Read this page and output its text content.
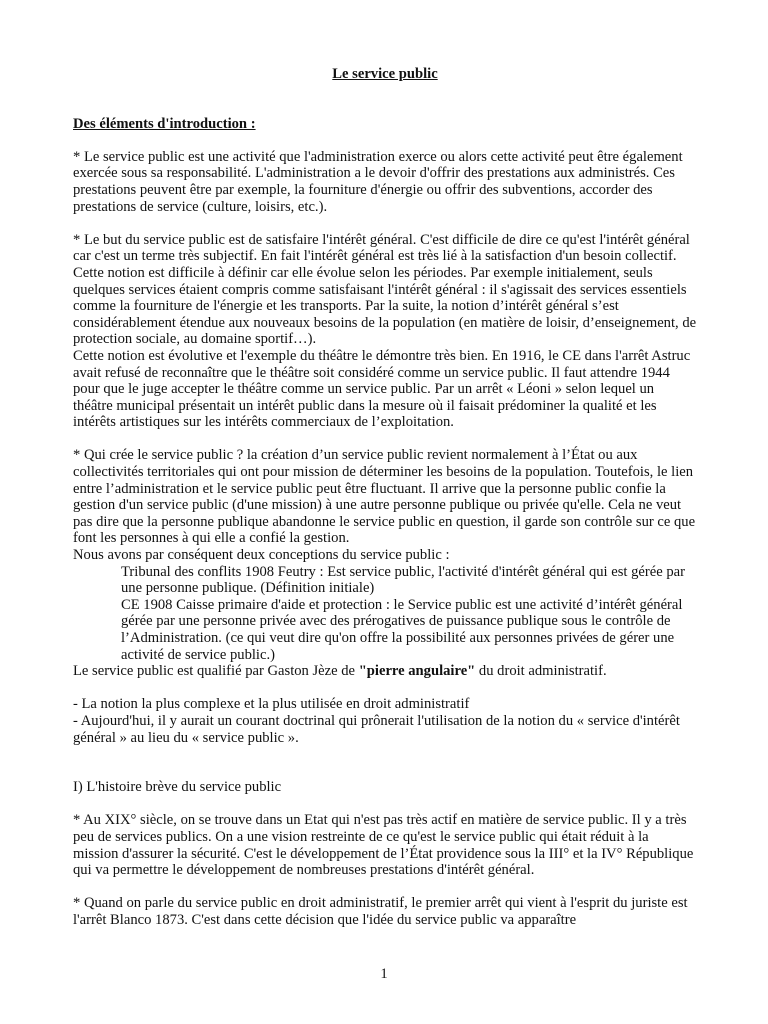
Le service public

Des éléments d'introduction :

* Le service public est une activité que l'administration exerce ou alors cette activité peut être également exercée sous sa responsabilité. L'administration a le devoir d'offrir des prestations aux administrés. Ces prestations peuvent être par exemple, la fourniture d'énergie ou offrir des subventions, accorder des prestations de service (culture, loisirs, etc.).

* Le but du service public est de satisfaire l'intérêt général. C'est difficile de dire ce qu'est l'intérêt général car c'est un terme très subjectif. En fait l'intérêt général est très lié à la satisfaction d'un besoin collectif. Cette notion est difficile à définir car elle évolue selon les périodes. Par exemple initialement, seuls quelques services étaient compris comme satisfaisant l'intérêt général : il s'agissait des services essentiels comme la fourniture de l'énergie et les transports. Par la suite, la notion d’intérêt général s’est considérablement étendue aux nouveaux besoins de la population (en matière de loisir, d’enseignement, de protection sociale, au domaine sportif…).

Cette notion est évolutive et l'exemple du théâtre le démontre très bien. En 1916, le CE dans l'arrêt Astruc avait refusé de reconnaître que le théâtre soit considéré comme un service public. Il faut attendre 1944 pour que le juge accepter le théâtre comme un service public. Par un arrêt « Léoni » selon lequel un théâtre municipal présentait un intérêt public dans la mesure où il faisait prédominer la qualité et les intérêts artistiques sur les intérêts commerciaux de l’exploitation.

* Qui crée le service public ? la création d’un service public revient normalement à l’État ou aux collectivités territoriales qui ont pour mission de déterminer les besoins de la population. Toutefois, le lien entre l’administration et le service public peut être fluctuant. Il arrive que la personne public confie la gestion d'un service public (d'une mission) à une autre personne publique ou privée qu'elle. Cela ne veut pas dire que la personne publique abandonne le service public en question, il garde son contrôle sur ce que font les personnes à qui elle a confié la gestion.

Nous avons par conséquent deux conceptions du service public :

Tribunal des conflits 1908 Feutry : Est service public, l'activité d'intérêt général qui est gérée par une personne publique. (Définition initiale)
CE 1908 Caisse primaire d'aide et protection : le Service public est une activité d’intérêt général gérée par une personne privée avec des prérogatives de puissance publique sous le contrôle de l’Administration. (ce qui veut dire qu'on offre la possibilité aux personnes privées de gérer une activité de service public.)

Le service public est qualifié par Gaston Jèze de "pierre angulaire" du droit administratif.

- La notion la plus complexe et la plus utilisée en droit administratif

- Aujourd'hui, il y aurait un courant doctrinal qui prônerait l'utilisation de la notion du « service d'intérêt général » au lieu du « service public ».

I) L'histoire brève du service public

* Au XIX° siècle, on se trouve dans un Etat qui n'est pas très actif en matière de service public. Il y a très peu de services publics. On a une vision restreinte de ce qu'est le service public qui était réduit à la mission d'assurer la sécurité. C'est le développement de l’État providence sous la III° et la IV° République qui va permettre le développement de nombreuses prestations d'intérêt général.

* Quand on parle du service public en droit administratif, le premier arrêt qui vient à l'esprit du juriste est l'arrêt Blanco 1873. C'est dans cette décision que l'idée du service public va apparaître

1
